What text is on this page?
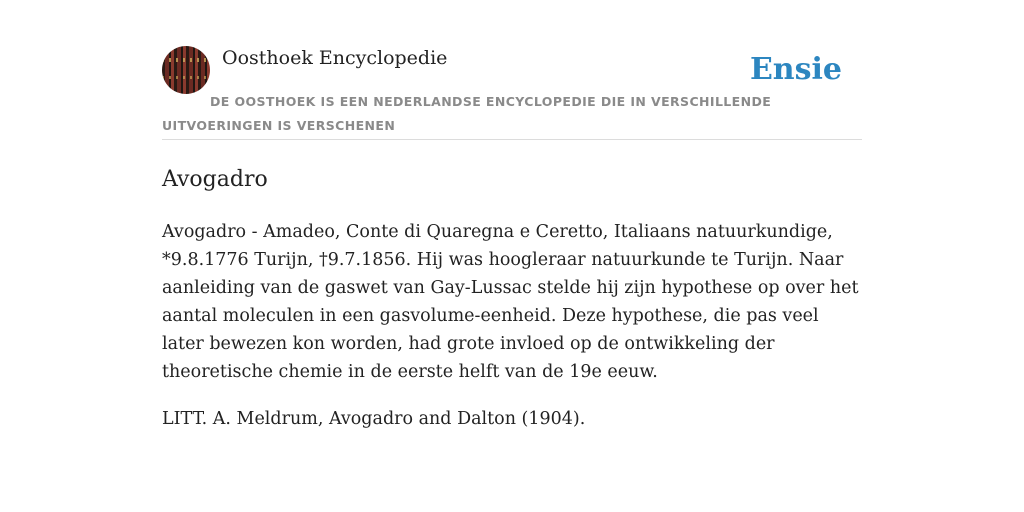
Oosthoek Encyclopedie	Ensie
DE OOSTHOEK IS EEN NEDERLANDSE ENCYCLOPEDIE DIE IN VERSCHILLENDE UITVOERINGEN IS VERSCHENEN
Avogadro

Avogadro - Amadeo, Conte di Quaregna e Ceretto, Italiaans natuurkundige, *9.8.1776 Turijn, †9.7.1856. Hij was hoogleraar natuurkunde te Turijn. Naar aanleiding van de gaswet van Gay-Lussac stelde hij zijn hypothese op over het aantal moleculen in een gasvolume-eenheid. Deze hypothese, die pas veel later bewezen kon worden, had grote invloed op de ontwikkeling der theoretische chemie in de eerste helft van de 19e eeuw.

LITT. A. Meldrum, Avogadro and Dalton (1904).
